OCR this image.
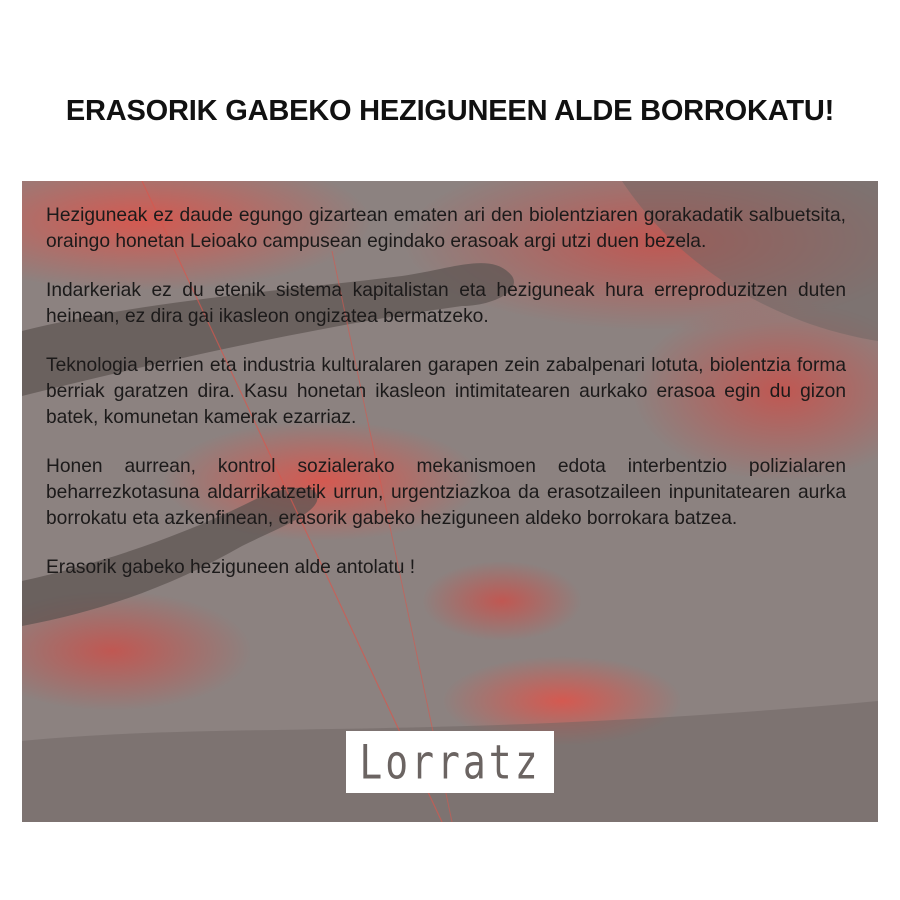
ERASORIK GABEKO HEZIGUNEEN ALDE BORROKATU!

Heziguneak ez daude egungo gizartean ematen ari den biolentziaren gorakadatik salbuetsita, oraingo honetan Leioako campusean egindako erasoak argi utzi duen bezela.

Indarkeriak ez du etenik sistema kapitalistan eta heziguneak hura erreproduzitzen duten heinean, ez dira gai ikasleon ongizatea bermatzeko.

Teknologia berrien eta industria kulturalaren garapen zein zabalpenari lotuta, biolentzia forma berriak garatzen dira. Kasu honetan ikasleon intimitatearen aurkako erasoa egin du gizon batek, komunetan kamerak ezarriaz.

Honen aurrean, kontrol sozialerako mekanismoen edota interbentzio polizialaren beharrezkotasuna aldarrikatzetik urrun, urgentziazkoa da erasotzaileen inpunitatearen aurka borrokatu eta azkenfinean, erasorik gabeko heziguneen aldeko borrokara batzea.

Erasorik gabeko heziguneen alde antolatu !

Lorratz
